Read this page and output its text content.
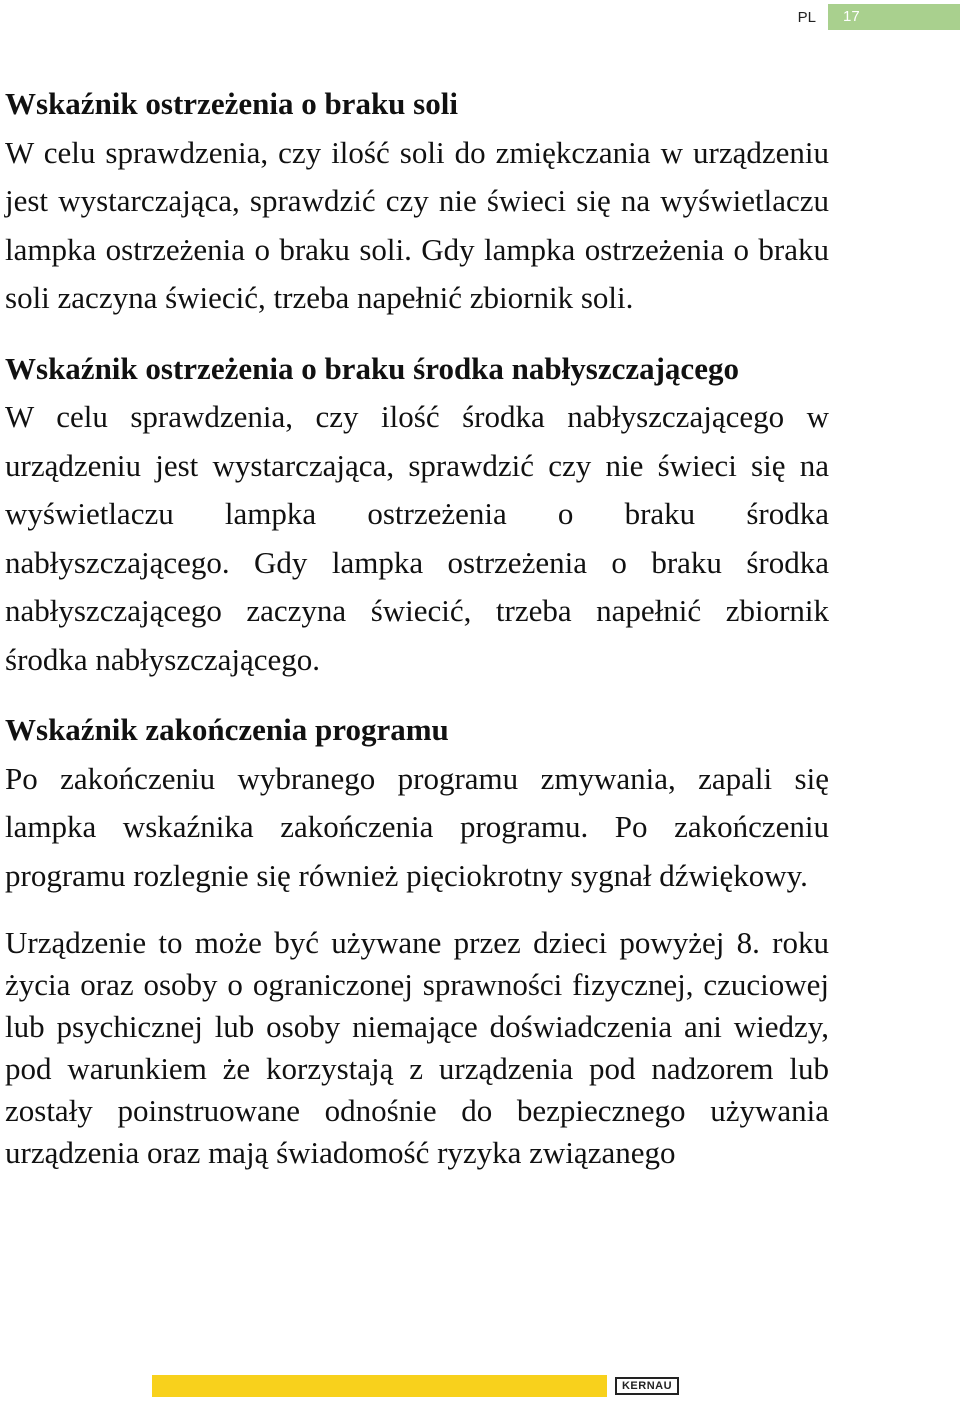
PL	17

Wskaźnik ostrzeżenia o braku soli

W celu sprawdzenia, czy ilość soli do zmiękczania w urządzeniu jest wystarczająca, sprawdzić czy nie świeci się na wyświetlaczu lampka ostrzeżenia o braku soli. Gdy lampka ostrzeżenia o braku soli zaczyna świecić, trzeba napełnić zbiornik soli.

Wskaźnik ostrzeżenia o braku środka nabłyszczającego

W celu sprawdzenia, czy ilość środka nabłyszczającego w urządzeniu jest wystarczająca, sprawdzić czy nie świeci się na wyświetlaczu lampka ostrzeżenia o braku środka nabłyszczającego. Gdy lampka ostrzeżenia o braku środka nabłyszczającego zaczyna świecić, trzeba napełnić zbiornik środka nabłyszczającego.

Wskaźnik zakończenia programu

Po zakończeniu wybranego programu zmywania, zapali się lampka wskaźnika zakończenia programu. Po zakończeniu programu rozlegnie się również pięciokrotny sygnał dźwiękowy.

Urządzenie to może być używane przez dzieci powyżej 8. roku życia oraz osoby o ograniczonej sprawności fizycznej, czuciowej lub psychicznej lub osoby niemające doświadczenia ani wiedzy, pod warunkiem że korzystają z urządzenia pod nadzorem lub zostały poinstruowane odnośnie do bezpiecznego używania urządzenia oraz mają świadomość ryzyka związanego

KERNAU
